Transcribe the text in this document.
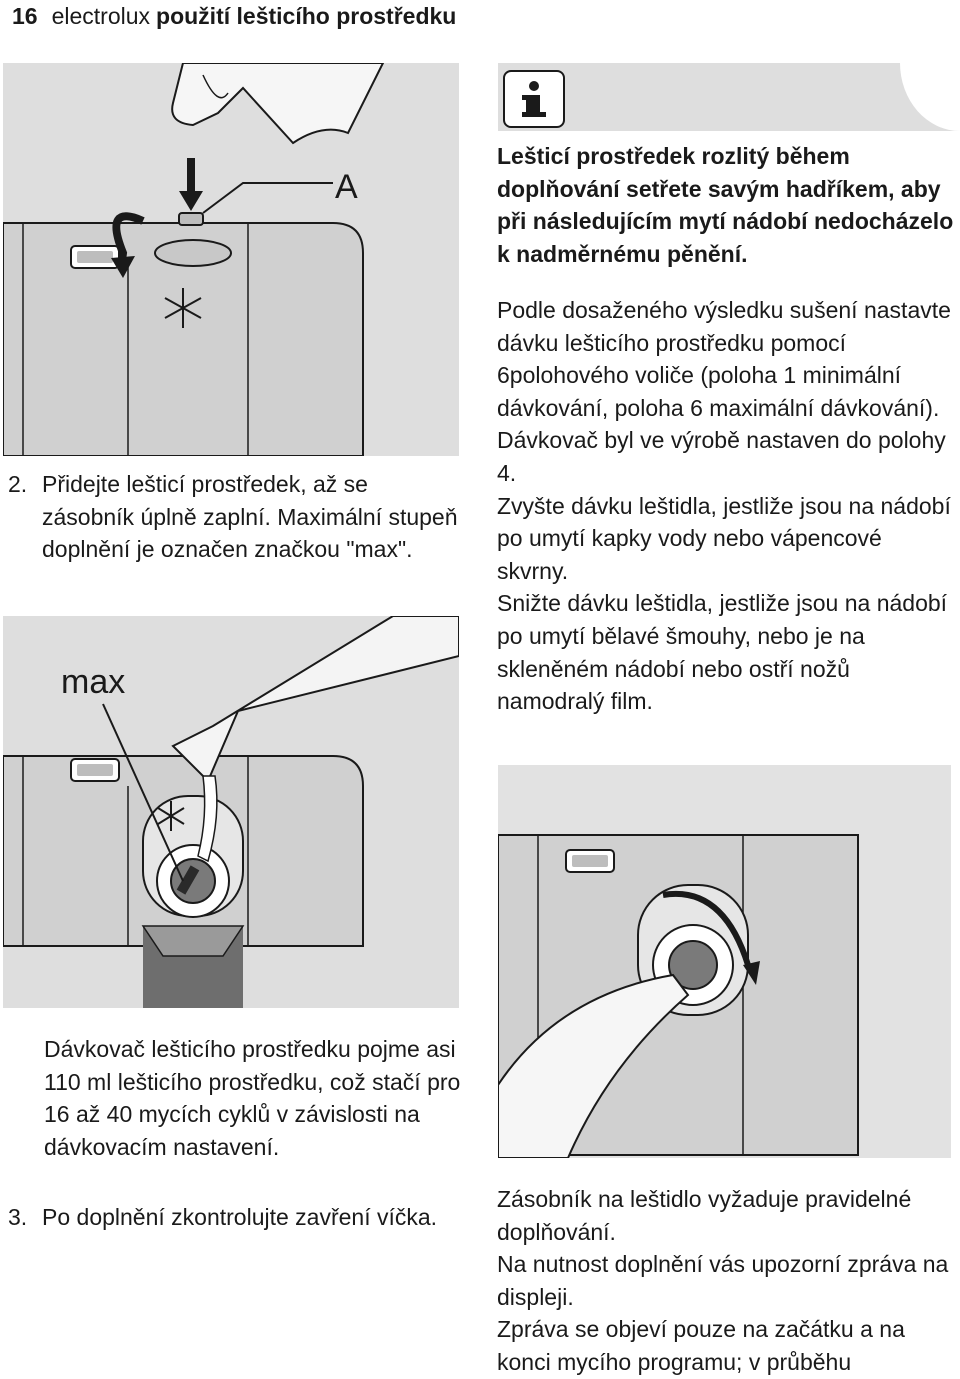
16 electrolux použití lešticího prostředku
A
Lešticí prostředek rozlitý během doplňování setřete savým hadříkem, aby při následujícím mytí nádobí nedocházelo k nadměrnému pěnění.

Podle dosaženého výsledku sušení nastavte dávku lešticího prostředku pomocí 6polohového voliče (poloha 1 minimální dávkování, poloha 6 maximální dávkování).

Dávkovač byl ve výrobě nastaven do polohy 4.

Zvyšte dávku leštidla, jestliže jsou na nádobí po umytí kapky vody nebo vápencové skvrny.

Snižte dávku leštidla, jestliže jsou na nádobí po umytí bělavé šmouhy, nebo je na skleněném nádobí nebo ostří nožů namodralý film.

2. Přidejte lešticí prostředek, až se zásobník úplně zaplní. Maximální stupeň doplnění je označen značkou "max".
max
Dávkovač lešticího prostředku pojme asi 110 ml lešticího prostředku, což stačí pro 16 až 40 mycích cyklů v závislosti na dávkovacím nastavení.
3. Po doplnění zkontrolujte zavření víčka.

Zásobník na leštidlo vyžaduje pravidelné doplňování.

Na nutnost doplnění vás upozorní zpráva na displeji.

Zpráva se objeví pouze na začátku a na konci mycího programu; v průběhu
